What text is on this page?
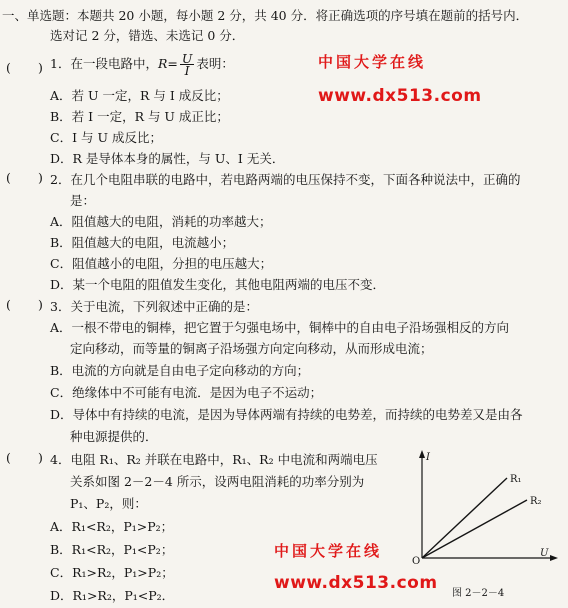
一、单选题：本题共 20 小题，每小题 2 分，共 40 分．将正确选项的序号填在题前的括号内．
选对记 2 分，错选、未选记 0 分．
中国大学在线
www.dx513.com
( ) 1．在一段电路中，$R= \frac{U}{I}$ 表明：
A．若 U 一定，R 与 I 成反比；
B．若 I 一定，R 与 U 成正比；
C．I 与 U 成反比；
D．R 是导体本身的属性，与 U、I 无关．
( ) 2．在几个电阻串联的电路中，若电路两端的电压保持不变，下面各种说法中，正确的
是：
A．阻值越大的电阻，消耗的功率越大；
B．阻值越大的电阻，电流越小；
C．阻值越小的电阻，分担的电压越大；
D．某一个电阻的阻值发生变化，其他电阻两端的电压不变．
( ) 3．关于电流，下列叙述中正确的是：
A．一根不带电的铜棒，把它置于匀强电场中，铜棒中的自由电子沿场强相反的方向
定向移动，而等量的铜离子沿场强方向定向移动，从而形成电流；
B．电流的方向就是自由电子定向移动的方向；
C．绝缘体中不可能有电流．是因为电子不运动；
D．导体中有持续的电流，是因为导体两端有持续的电势差，而持续的电势差又是由各
种电源提供的．
( ) 4．电阻 R₁、R₂ 并联在电路中，R₁、R₂ 中电流和两端电压
关系如图 2－2－4 所示，设两电阻消耗的功率分别为
P₁、P₂，则：
A．R₁<R₂，P₁>P₂；
B．R₁<R₂，P₁<P₂；
C．R₁>R₂，P₁>P₂；
D．R₁>R₂，P₁<P₂．
中国大学在线
www.dx513.com
I
R₁
R₂
O
U
图 2－2－4
